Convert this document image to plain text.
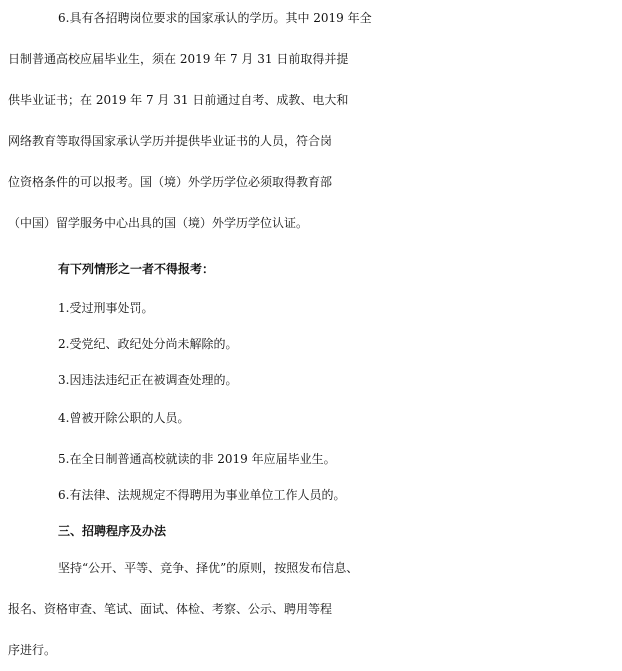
6.具有各招聘岗位要求的国家承认的学历。其中 2019 年全
日制普通高校应届毕业生，须在 2019 年 7 月 31 日前取得并提
供毕业证书；在 2019 年 7 月 31 日前通过自考、成教、电大和
网络教育等取得国家承认学历并提供毕业证书的人员，符合岗
位资格条件的可以报考。国（境）外学历学位必须取得教育部
（中国）留学服务中心出具的国（境）外学历学位认证。
有下列情形之一者不得报考：
1.受过刑事处罚。
2.受党纪、政纪处分尚未解除的。
3.因违法违纪正在被调查处理的。
4.曾被开除公职的人员。
5.在全日制普通高校就读的非 2019 年应届毕业生。
6.有法律、法规规定不得聘用为事业单位工作人员的。
三、招聘程序及办法
坚持“公开、平等、竞争、择优”的原则，按照发布信息、
报名、资格审查、笔试、面试、体检、考察、公示、聘用等程
序进行。
